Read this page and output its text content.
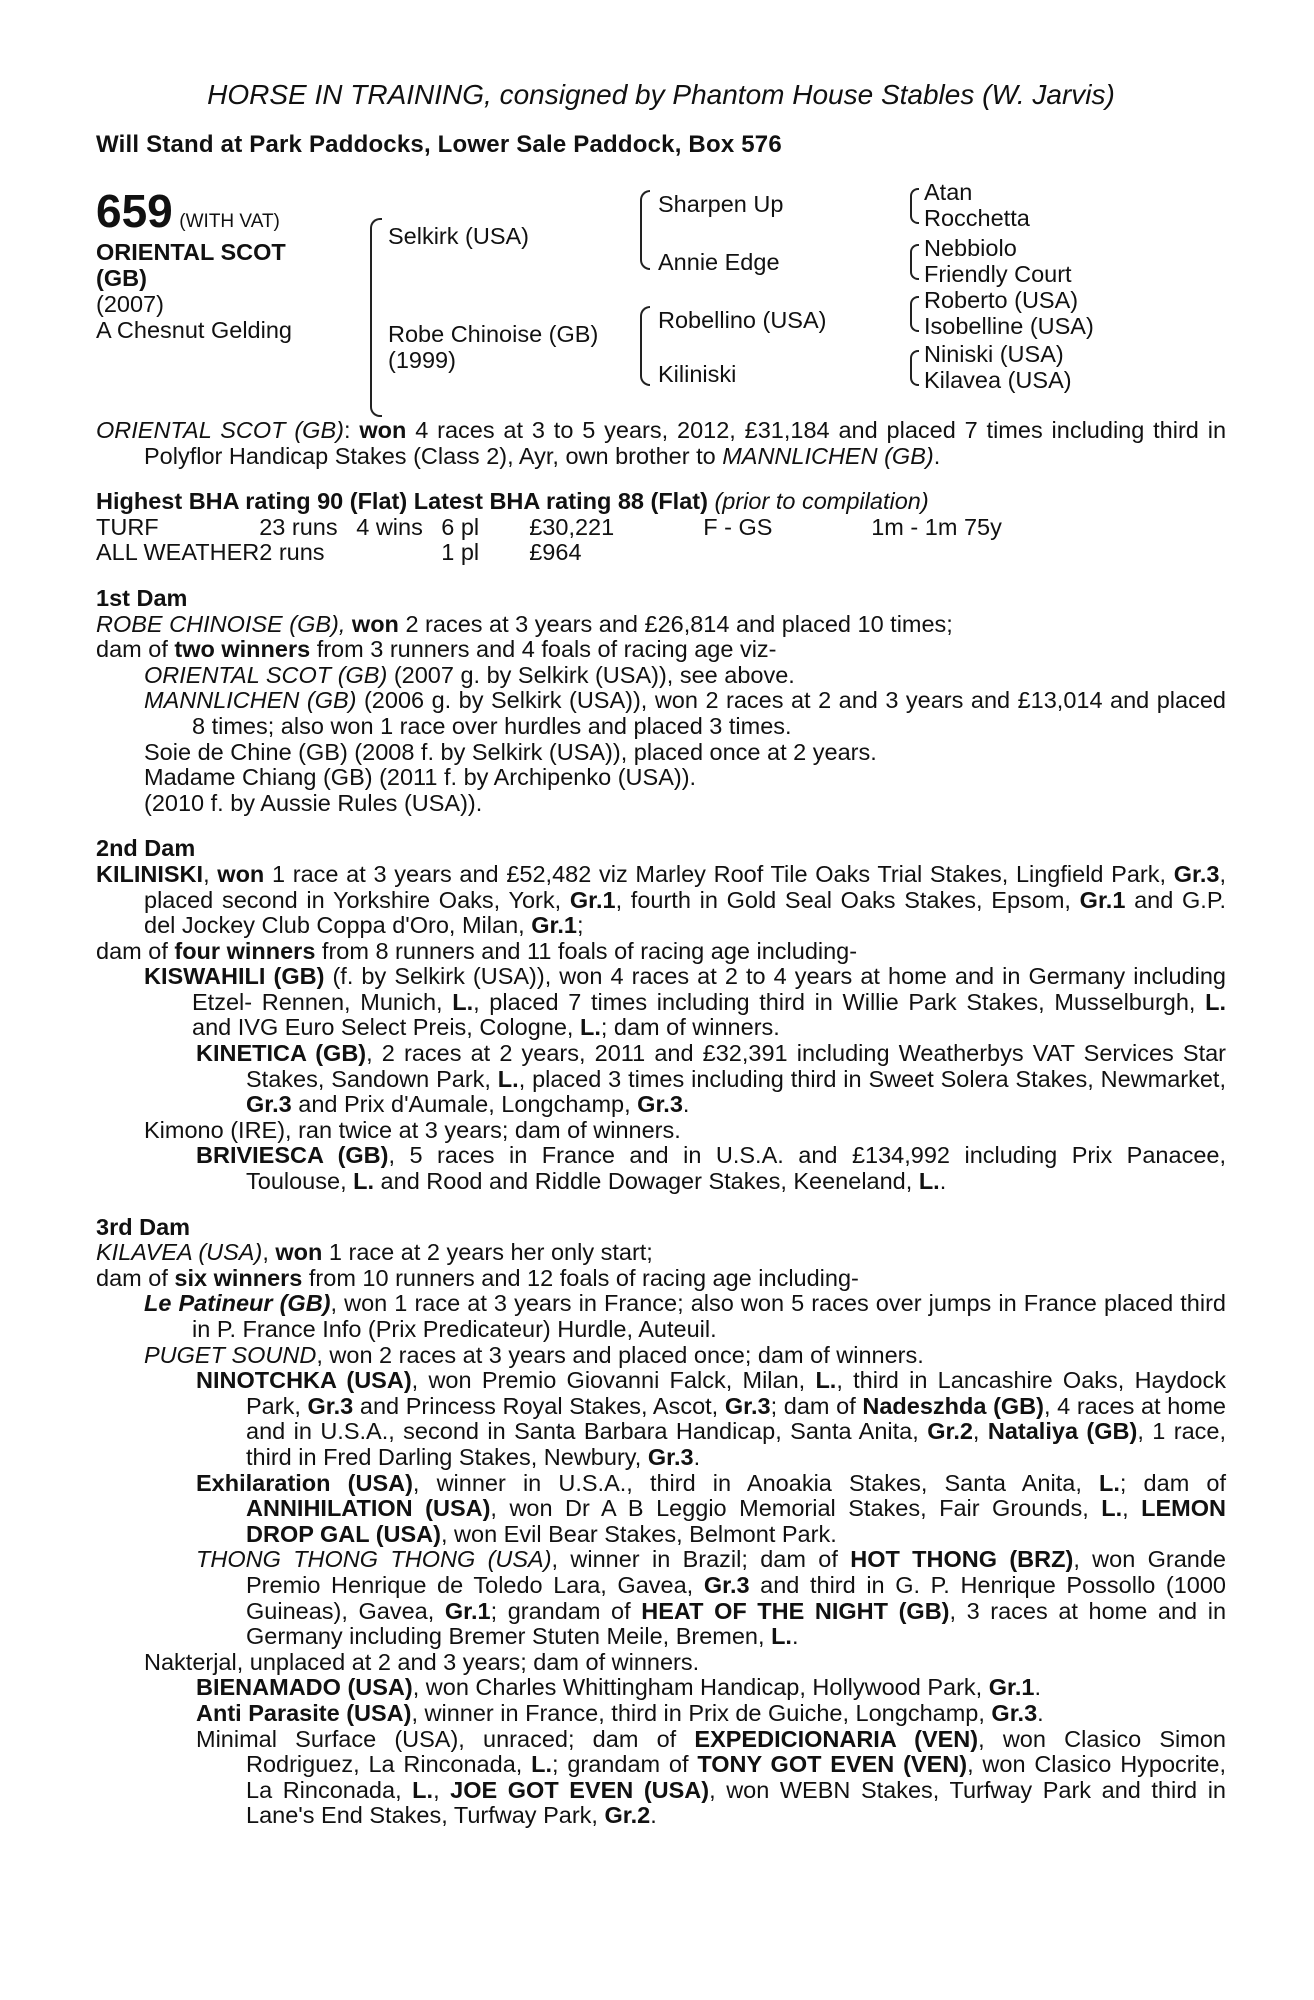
HORSE IN TRAINING, consigned by Phantom House Stables (W. Jarvis)
Will Stand at Park Paddocks, Lower Sale Paddock, Box 576
659 (WITH VAT)
ORIENTAL SCOT
(GB)
(2007)
A Chesnut Gelding
Selkirk (USA)
Robe Chinoise (GB)
(1999)
Sharpen Up
Annie Edge
Robellino (USA)
Kiliniski
Atan
Rocchetta
Nebbiolo
Friendly Court
Roberto (USA)
Isobelline (USA)
Niniski (USA)
Kilavea (USA)

ORIENTAL SCOT (GB): won 4 races at 3 to 5 years, 2012, £31,184 and placed 7 times including third in Polyflor Handicap Stakes (Class 2), Ayr, own brother to MANNLICHEN (GB).

Highest BHA rating 90 (Flat) Latest BHA rating 88 (Flat) (prior to compilation)
TURF	23 runs	4 wins	6 pl	£30,221	F - GS	1m - 1m 75y
ALL WEATHER	2 runs		1 pl	£964		
1st Dam

ROBE CHINOISE (GB), won 2 races at 3 years and £26,814 and placed 10 times;

dam of two winners from 3 runners and 4 foals of racing age viz-

ORIENTAL SCOT (GB) (2007 g. by Selkirk (USA)), see above.

MANNLICHEN (GB) (2006 g. by Selkirk (USA)), won 2 races at 2 and 3 years and £13,014 and placed 8 times; also won 1 race over hurdles and placed 3 times.

Soie de Chine (GB) (2008 f. by Selkirk (USA)), placed once at 2 years.

Madame Chiang (GB) (2011 f. by Archipenko (USA)).

(2010 f. by Aussie Rules (USA)).

2nd Dam

KILINISKI, won 1 race at 3 years and £52,482 viz Marley Roof Tile Oaks Trial Stakes, Lingfield Park, Gr.3, placed second in Yorkshire Oaks, York, Gr.1, fourth in Gold Seal Oaks Stakes, Epsom, Gr.1 and G.P. del Jockey Club Coppa d'Oro, Milan, Gr.1;

dam of four winners from 8 runners and 11 foals of racing age including-

KISWAHILI (GB) (f. by Selkirk (USA)), won 4 races at 2 to 4 years at home and in Germany including Etzel- Rennen, Munich, L., placed 7 times including third in Willie Park Stakes, Musselburgh, L. and IVG Euro Select Preis, Cologne, L.; dam of winners.

KINETICA (GB), 2 races at 2 years, 2011 and £32,391 including Weatherbys VAT Services Star Stakes, Sandown Park, L., placed 3 times including third in Sweet Solera Stakes, Newmarket, Gr.3 and Prix d'Aumale, Longchamp, Gr.3.

Kimono (IRE), ran twice at 3 years; dam of winners.

BRIVIESCA (GB), 5 races in France and in U.S.A. and £134,992 including Prix Panacee, Toulouse, L. and Rood and Riddle Dowager Stakes, Keeneland, L..

3rd Dam

KILAVEA (USA), won 1 race at 2 years her only start;

dam of six winners from 10 runners and 12 foals of racing age including-

Le Patineur (GB), won 1 race at 3 years in France; also won 5 races over jumps in France placed third in P. France Info (Prix Predicateur) Hurdle, Auteuil.

PUGET SOUND, won 2 races at 3 years and placed once; dam of winners.

NINOTCHKA (USA), won Premio Giovanni Falck, Milan, L., third in Lancashire Oaks, Haydock Park, Gr.3 and Princess Royal Stakes, Ascot, Gr.3; dam of Nadeszhda (GB), 4 races at home and in U.S.A., second in Santa Barbara Handicap, Santa Anita, Gr.2, Nataliya (GB), 1 race, third in Fred Darling Stakes, Newbury, Gr.3.

Exhilaration (USA), winner in U.S.A., third in Anoakia Stakes, Santa Anita, L.; dam of ANNIHILATION (USA), won Dr A B Leggio Memorial Stakes, Fair Grounds, L., LEMON DROP GAL (USA), won Evil Bear Stakes, Belmont Park.

THONG THONG THONG (USA), winner in Brazil; dam of HOT THONG (BRZ), won Grande Premio Henrique de Toledo Lara, Gavea, Gr.3 and third in G. P. Henrique Possollo (1000 Guineas), Gavea, Gr.1; grandam of HEAT OF THE NIGHT (GB), 3 races at home and in Germany including Bremer Stuten Meile, Bremen, L..

Nakterjal, unplaced at 2 and 3 years; dam of winners.

BIENAMADO (USA), won Charles Whittingham Handicap, Hollywood Park, Gr.1.

Anti Parasite (USA), winner in France, third in Prix de Guiche, Longchamp, Gr.3.

Minimal Surface (USA), unraced; dam of EXPEDICIONARIA (VEN), won Clasico Simon Rodriguez, La Rinconada, L.; grandam of TONY GOT EVEN (VEN), won Clasico Hypocrite, La Rinconada, L., JOE GOT EVEN (USA), won WEBN Stakes, Turfway Park and third in Lane's End Stakes, Turfway Park, Gr.2.
